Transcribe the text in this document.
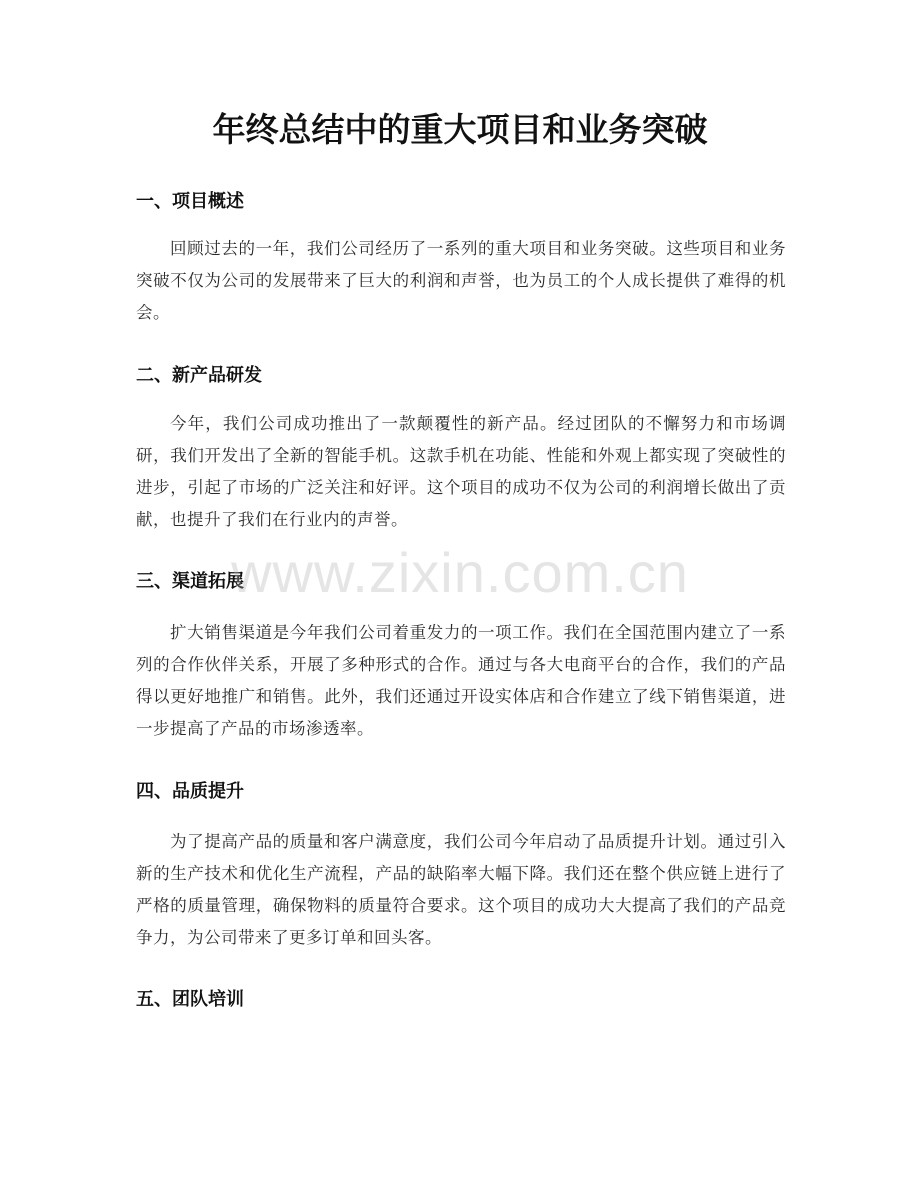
年终总结中的重大项目和业务突破
一、项目概述

回顾过去的一年，我们公司经历了一系列的重大项目和业务突破。这些项目和业务突破不仅为公司的发展带来了巨大的利润和声誉，也为员工的个人成长提供了难得的机会。

二、新产品研发

今年，我们公司成功推出了一款颠覆性的新产品。经过团队的不懈努力和市场调研，我们开发出了全新的智能手机。这款手机在功能、性能和外观上都实现了突破性的进步，引起了市场的广泛关注和好评。这个项目的成功不仅为公司的利润增长做出了贡献，也提升了我们在行业内的声誉。

三、渠道拓展

扩大销售渠道是今年我们公司着重发力的一项工作。我们在全国范围内建立了一系列的合作伙伴关系，开展了多种形式的合作。通过与各大电商平台的合作，我们的产品得以更好地推广和销售。此外，我们还通过开设实体店和合作建立了线下销售渠道，进一步提高了产品的市场渗透率。

四、品质提升

为了提高产品的质量和客户满意度，我们公司今年启动了品质提升计划。通过引入新的生产技术和优化生产流程，产品的缺陷率大幅下降。我们还在整个供应链上进行了严格的质量管理，确保物料的质量符合要求。这个项目的成功大大提高了我们的产品竞争力，为公司带来了更多订单和回头客。

五、团队培训
www.zixin.com.cn
